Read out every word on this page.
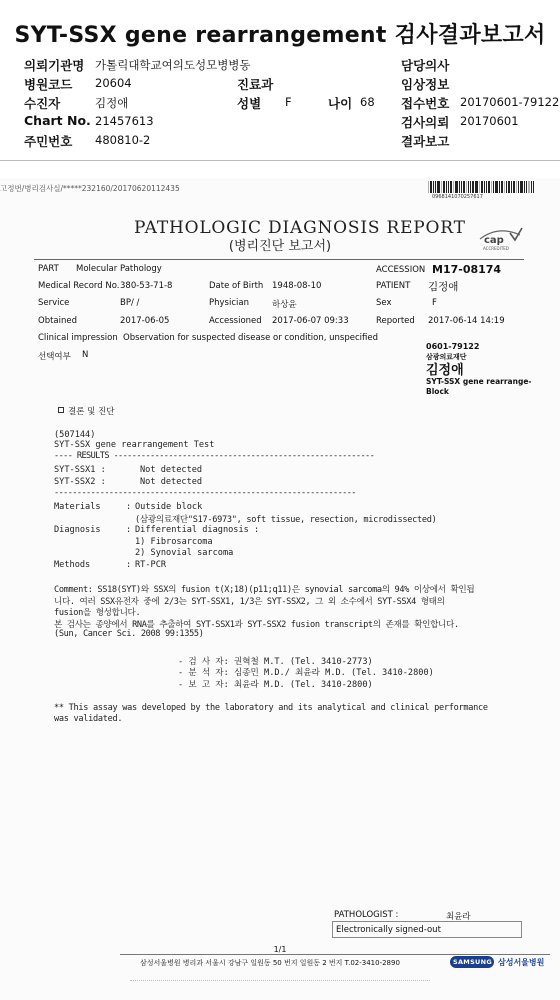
SYT-SSX gene rearrangement 검사결과보고서
의뢰기관명 가톨릭대학교여의도성모병병동	담당의사
병원코드 20604	진료과	임상정보
수진자	김정애	성별 F	나이 68 접수번호 20170601-79122
Chart No. 21457613	검사의뢰 20170601
주민번호 480810-2	결과보고
고정번/병리검사실/*****232160/20170620112435
0968141070257617
PATHOLOGIC DIAGNOSIS REPORT
(병리진단 보고서)	cap
ACCREDITED
PART Molecular Pathology	ACCESSION M17-08174
Medical Record No. 380-53-71-8	Date of Birth 1948-08-10	PATIENT 김정애
Service	BP/ /	Physician	하상윤	Sex	F
Obtained	2017-06-05	Accessioned 2017-06-07 09:33	Reported 2017-06-14 14:19
Clinical impression Observation for suspected disease or condition, unspecified
선택여부 N
0601-79122
삼광의료재단
김정애
SYT-SSX gene rearrange-
Block
결론 및 진단
(507144)
SYT-SSX gene rearrangement Test
---- RESULTS ---------------------------------------------------------
SYT-SSX1 :	Not detected
SYT-SSX2 :	Not detected
------------------------------------------------------------------
Materials	: Outside block
(삼광의료재단"S17-6973", soft tissue, resection, microdissected)
Diagnosis	: Differential diagnosis :
1) Fibrosarcoma
2) Synovial sarcoma
Methods	: RT-PCR
Comment: SS18(SYT)와 SSX의 fusion t(X;18)(p11;q11)은 synovial sarcoma의 94% 이상에서 확인됩
니다. 여러 SSX유전자 중에 2/3는 SYT-SSX1, 1/3은 SYT-SSX2, 그 외 소수에서 SYT-SSX4 형태의
fusion을 형성합니다.
본 검사는 종양에서 RNA를 추출하여 SYT-SSX1과 SYT-SSX2 fusion transcript의 존재를 확인합니다.
(Sun, Cancer Sci. 2008 99:1355)
- 검 사 자: 권혁철 M.T. (Tel. 3410-2773)
- 분 석 자: 심종민 M.D./ 최윤라 M.D. (Tel. 3410-2800)
- 보 고 자: 최윤라 M.D. (Tel. 3410-2800)
** This assay was developed by the laboratory and its analytical and clinical performance
was validated.
PATHOLOGIST :	최윤라
Electronically signed-out
1/1
삼성서울병원 병리과 서울시 강남구 일원동 50 번지 일원동 2 번지 T.02-3410-2890	SAMSUNG 삼성서울병원
